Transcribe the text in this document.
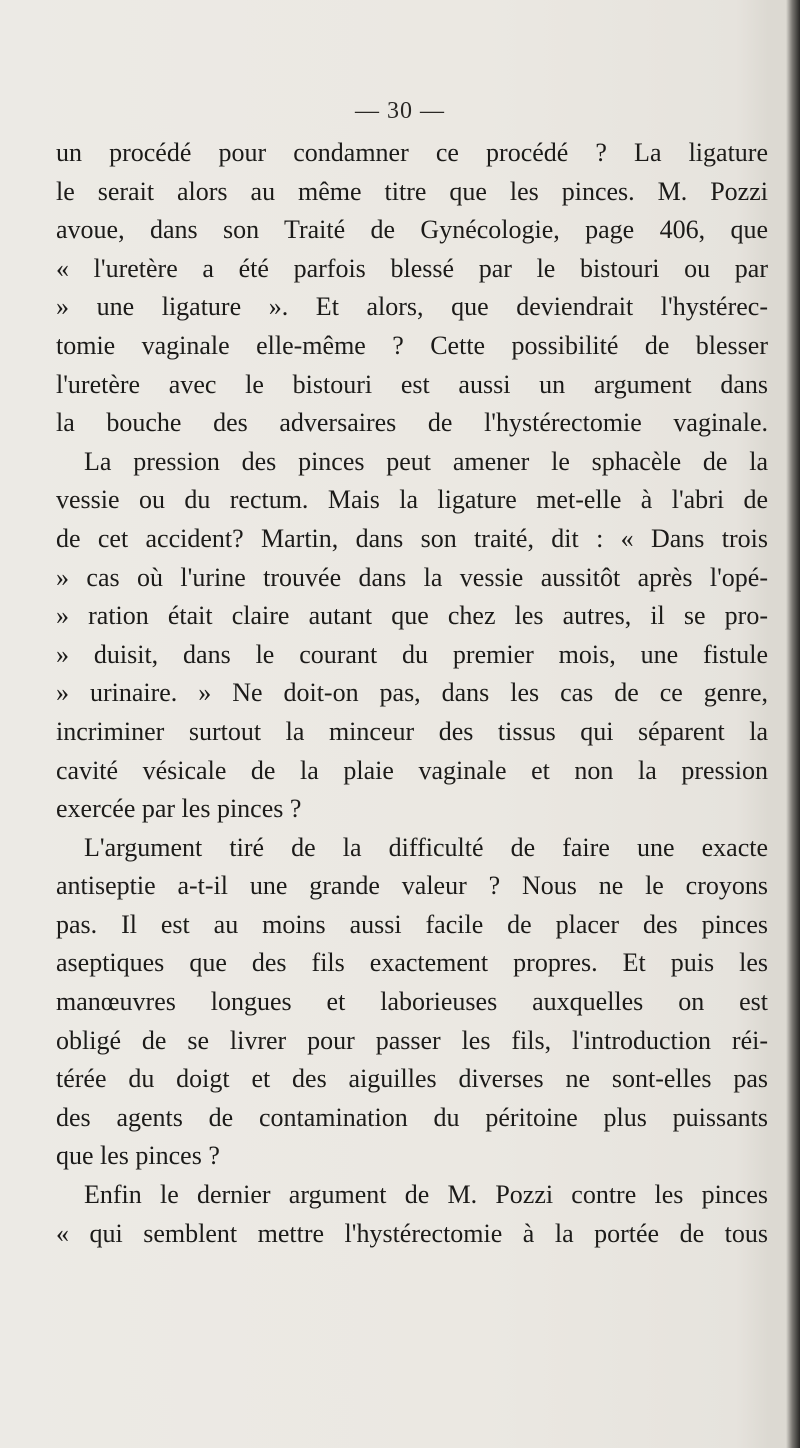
— 30 —
un procédé pour condamner ce procédé ? La ligature
le serait alors au même titre que les pinces. M. Pozzi
avoue, dans son Traité de Gynécologie, page 406, que
« l'uretère a été parfois blessé par le bistouri ou par
» une ligature ». Et alors, que deviendrait l'hystérec-
tomie vaginale elle-même ? Cette possibilité de blesser
l'uretère avec le bistouri est aussi un argument dans
la bouche des adversaires de l'hystérectomie vaginale.
La pression des pinces peut amener le sphacèle de la
vessie ou du rectum. Mais la ligature met-elle à l'abri de
de cet accident? Martin, dans son traité, dit : « Dans trois
» cas où l'urine trouvée dans la vessie aussitôt après l'opé-
» ration était claire autant que chez les autres, il se pro-
» duisit, dans le courant du premier mois, une fistule
» urinaire. » Ne doit-on pas, dans les cas de ce genre,
incriminer surtout la minceur des tissus qui séparent la
cavité vésicale de la plaie vaginale et non la pression
exercée par les pinces ?
L'argument tiré de la difficulté de faire une exacte
antiseptie a-t-il une grande valeur ? Nous ne le croyons
pas. Il est au moins aussi facile de placer des pinces
aseptiques que des fils exactement propres. Et puis les
manœuvres longues et laborieuses auxquelles on est
obligé de se livrer pour passer les fils, l'introduction réi-
térée du doigt et des aiguilles diverses ne sont-elles pas
des agents de contamination du péritoine plus puissants
que les pinces ?
Enfin le dernier argument de M. Pozzi contre les pinces
« qui semblent mettre l'hystérectomie à la portée de tous
